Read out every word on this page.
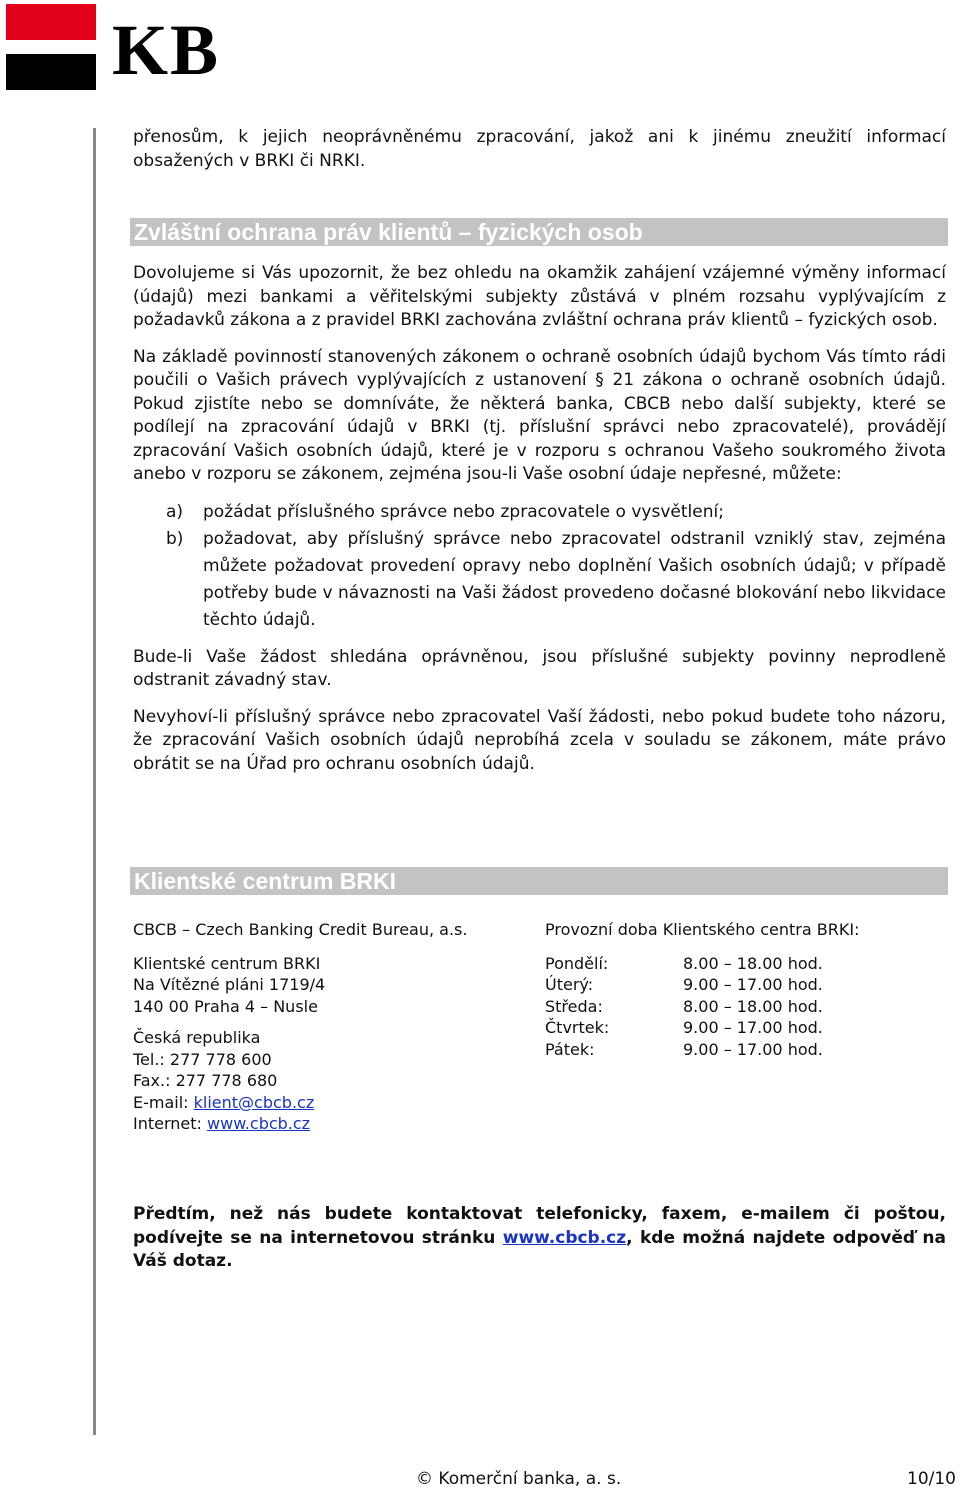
KB

přenosům, k jejich neoprávněnému zpracování, jakož ani k jinému zneužití informací obsažených v BRKI či NRKI.

Zvláštní ochrana práv klientů – fyzických osob

Dovolujeme si Vás upozornit, že bez ohledu na okamžik zahájení vzájemné výměny informací (údajů) mezi bankami a věřitelskými subjekty zůstává v plném rozsahu vyplývajícím z požadavků zákona a z pravidel BRKI zachována zvláštní ochrana práv klientů – fyzických osob.

Na základě povinností stanovených zákonem o ochraně osobních údajů bychom Vás tímto rádi poučili o Vašich právech vyplývajících z ustanovení § 21 zákona o ochraně osobních údajů. Pokud zjistíte nebo se domníváte, že některá banka, CBCB nebo další subjekty, které se podílejí na zpracování údajů v BRKI (tj. příslušní správci nebo zpracovatelé), provádějí zpracování Vašich osobních údajů, které je v rozporu s ochranou Vašeho soukromého života anebo v rozporu se zákonem, zejména jsou-li Vaše osobní údaje nepřesné, můžete:

a) požádat příslušného správce nebo zpracovatele o vysvětlení;
b) požadovat, aby příslušný správce nebo zpracovatel odstranil vzniklý stav, zejména můžete požadovat provedení opravy nebo doplnění Vašich osobních údajů; v případě potřeby bude v návaznosti na Vaši žádost provedeno dočasné blokování nebo likvidace těchto údajů.

Bude-li Vaše žádost shledána oprávněnou, jsou příslušné subjekty povinny neprodleně odstranit závadný stav.

Nevyhoví-li příslušný správce nebo zpracovatel Vaší žádosti, nebo pokud budete toho názoru, že zpracování Vašich osobních údajů neprobíhá zcela v souladu se zákonem, máte právo obrátit se na Úřad pro ochranu osobních údajů.

Klientské centrum BRKI
CBCB – Czech Banking Credit Bureau, a.s.
Klientské centrum BRKI
Na Vítězné pláni 1719/4
140 00 Praha 4 – Nusle
Česká republika
Tel.: 277 778 600
Fax.: 277 778 680
E-mail: klient@cbcb.cz
Internet: www.cbcb.cz
Provozní doba Klientského centra BRKI:
Pondělí:	8.00 – 18.00 hod.
Úterý:	9.00 – 17.00 hod.
Středa:	8.00 – 18.00 hod.
Čtvrtek:	9.00 – 17.00 hod.
Pátek:	9.00 – 17.00 hod.

Předtím, než nás budete kontaktovat telefonicky, faxem, e-mailem či poštou, podívejte se na internetovou stránku www.cbcb.cz, kde možná najdete odpověď na Váš dotaz.

© Komerční banka, a. s.	10/10
